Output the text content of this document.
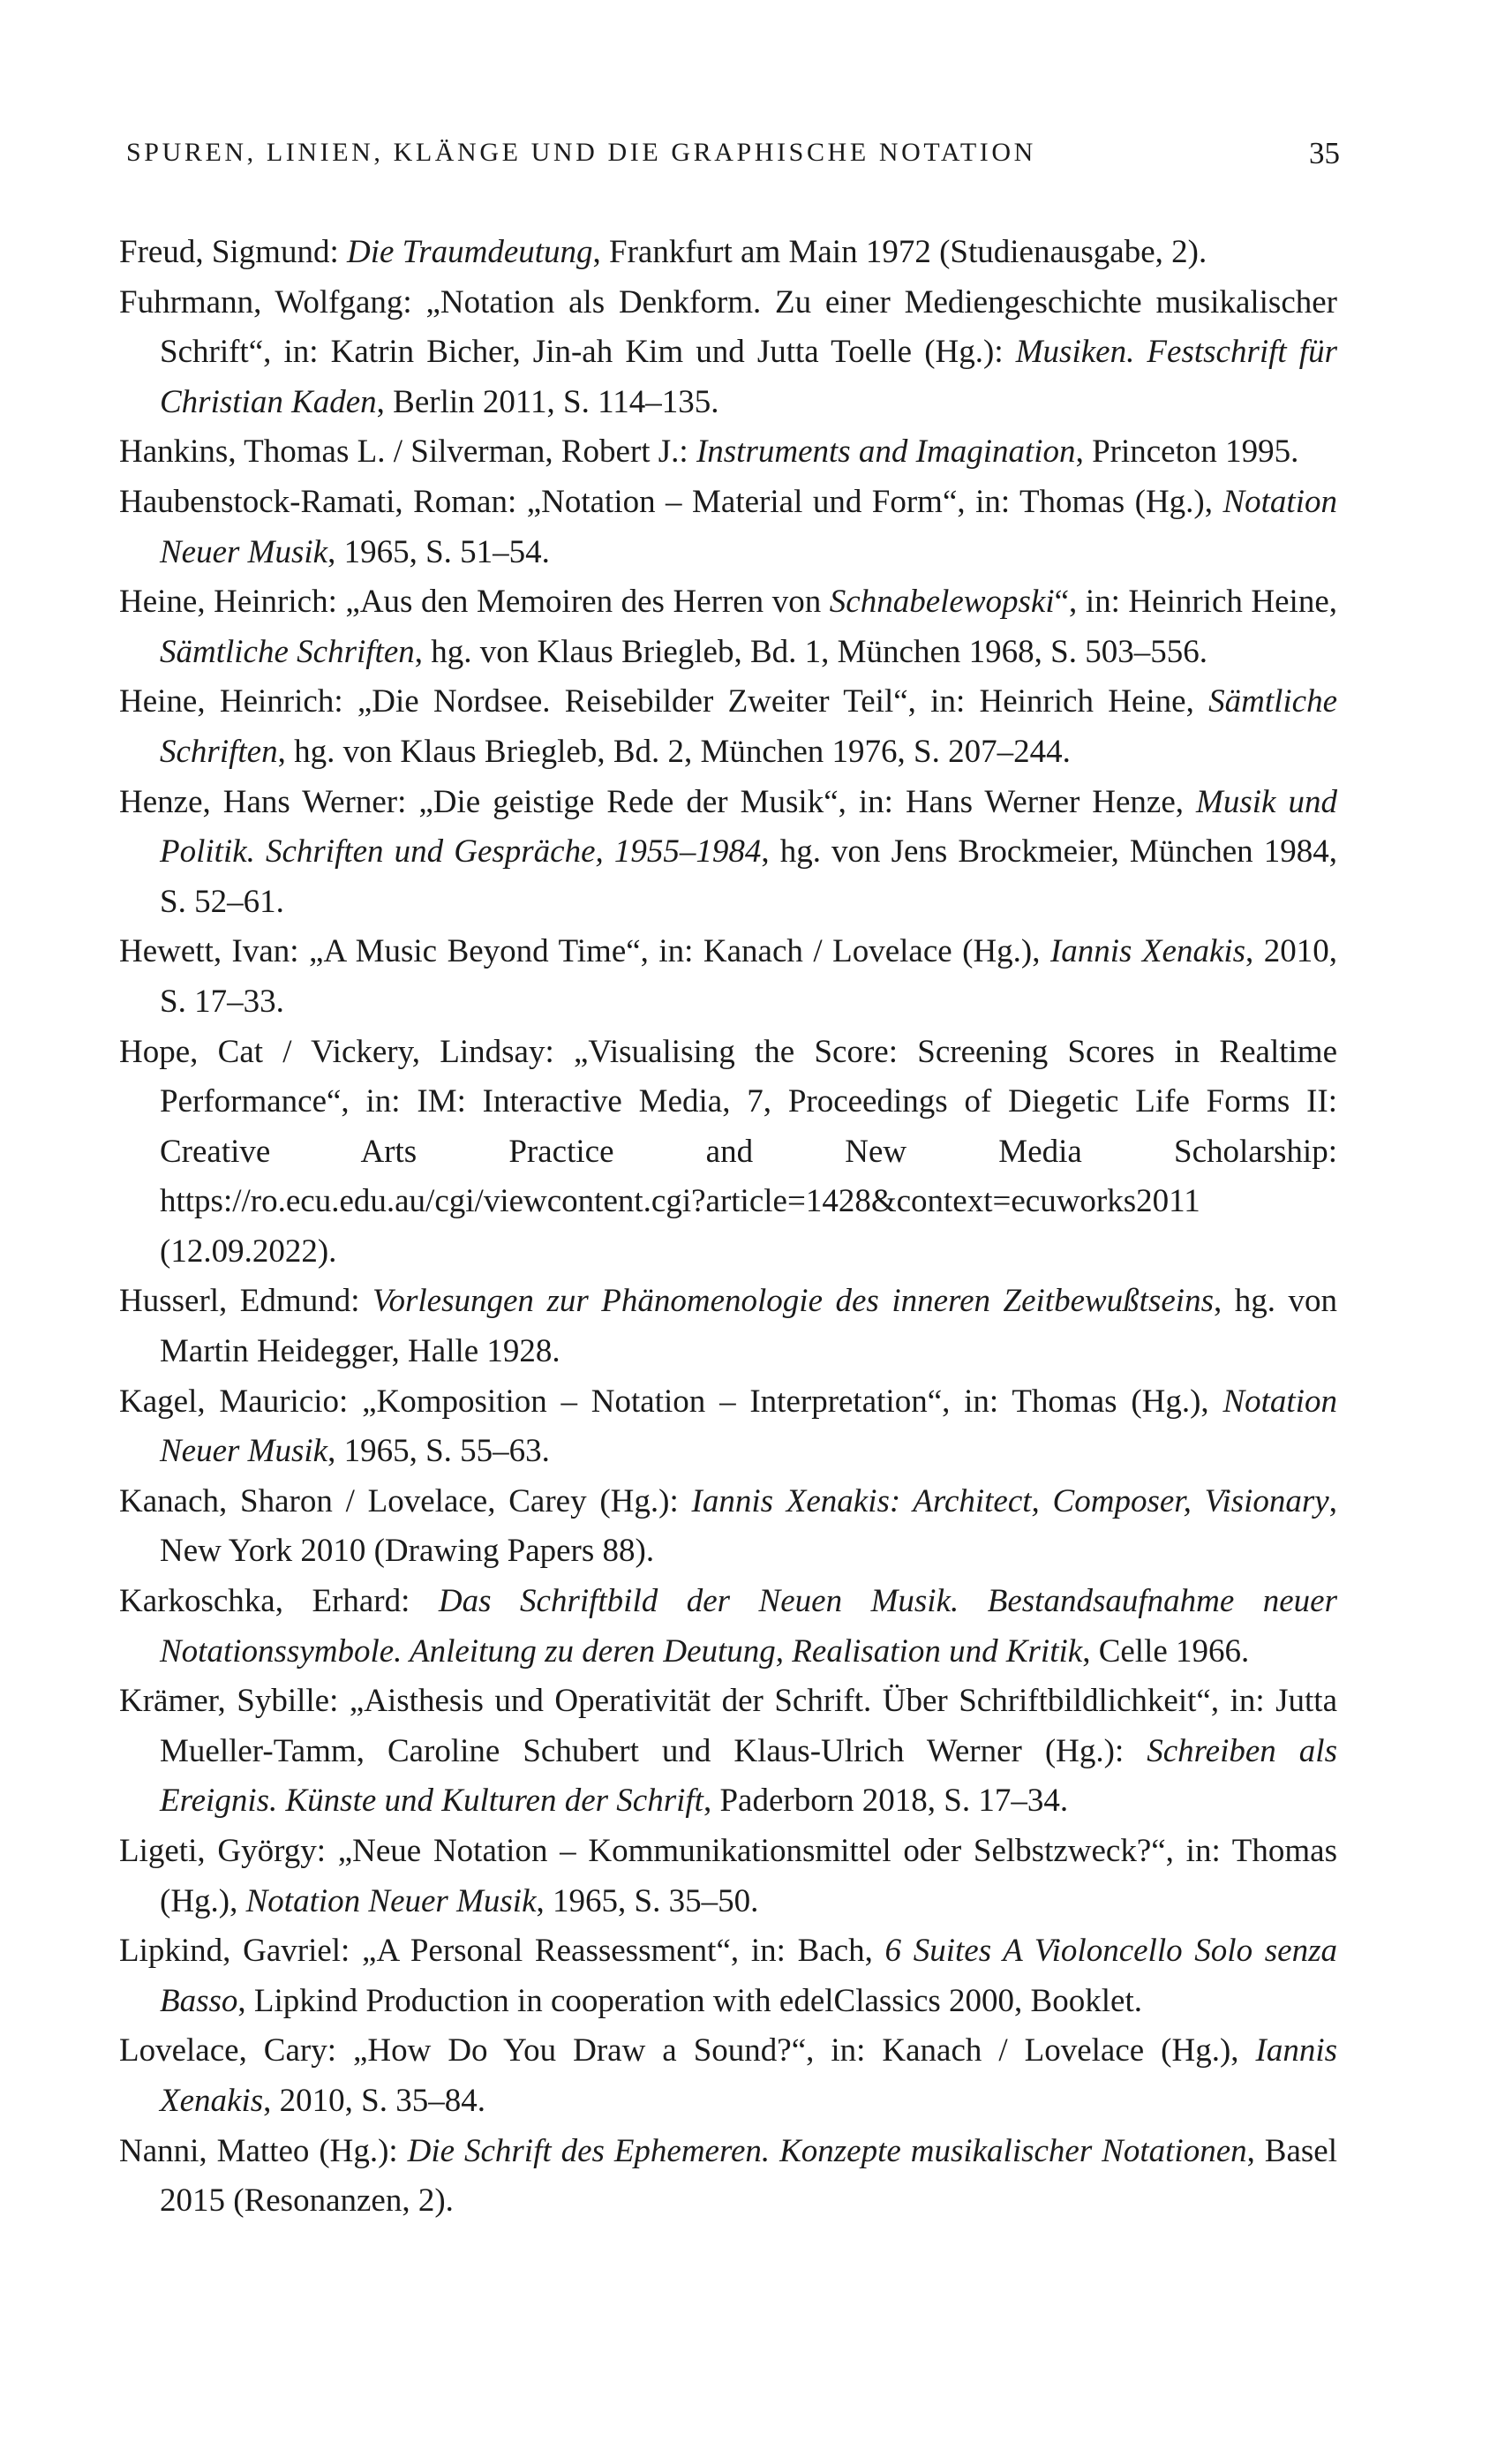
SPUREN, LINIEN, KLÄNGE UND DIE GRAPHISCHE NOTATION	35
Freud, Sigmund: Die Traumdeutung, Frankfurt am Main 1972 (Studienausgabe, 2).
Fuhrmann, Wolfgang: „Notation als Denkform. Zu einer Mediengeschichte musikalischer Schrift“, in: Katrin Bicher, Jin-ah Kim und Jutta Toelle (Hg.): Musiken. Festschrift für Christian Kaden, Berlin 2011, S. 114–135.
Hankins, Thomas L. / Silverman, Robert J.: Instruments and Imagination, Princeton 1995.
Haubenstock-Ramati, Roman: „Notation – Material und Form“, in: Thomas (Hg.), Notation Neuer Musik, 1965, S. 51–54.
Heine, Heinrich: „Aus den Memoiren des Herren von Schnabelewopski“, in: Heinrich Heine, Sämtliche Schriften, hg. von Klaus Briegleb, Bd. 1, München 1968, S. 503–556.
Heine, Heinrich: „Die Nordsee. Reisebilder Zweiter Teil“, in: Heinrich Heine, Sämtliche Schriften, hg. von Klaus Briegleb, Bd. 2, München 1976, S. 207–244.
Henze, Hans Werner: „Die geistige Rede der Musik“, in: Hans Werner Henze, Musik und Politik. Schriften und Gespräche, 1955–1984, hg. von Jens Brockmeier, München 1984, S. 52–61.
Hewett, Ivan: „A Music Beyond Time“, in: Kanach / Lovelace (Hg.), Iannis Xenakis, 2010, S. 17–33.
Hope, Cat / Vickery, Lindsay: „Visualising the Score: Screening Scores in Realtime Performance“, in: IM: Interactive Media, 7, Proceedings of Diegetic Life Forms II: Creative Arts Practice and New Media Scholarship: https://ro.ecu.edu.au/cgi/viewcontent.cgi?article=1428&context=ecuworks2011 (12.09.2022).
Husserl, Edmund: Vorlesungen zur Phänomenologie des inneren Zeitbewußtseins, hg. von Martin Heidegger, Halle 1928.
Kagel, Mauricio: „Komposition – Notation – Interpretation“, in: Thomas (Hg.), Notation Neuer Musik, 1965, S. 55–63.
Kanach, Sharon / Lovelace, Carey (Hg.): Iannis Xenakis: Architect, Composer, Visionary, New York 2010 (Drawing Papers 88).
Karkoschka, Erhard: Das Schriftbild der Neuen Musik. Bestandsaufnahme neuer Notationssymbole. Anleitung zu deren Deutung, Realisation und Kritik, Celle 1966.
Krämer, Sybille: „Aisthesis und Operativität der Schrift. Über Schriftbildlichkeit“, in: Jutta Mueller-Tamm, Caroline Schubert und Klaus-Ulrich Werner (Hg.): Schreiben als Ereignis. Künste und Kulturen der Schrift, Paderborn 2018, S. 17–34.
Ligeti, György: „Neue Notation – Kommunikationsmittel oder Selbstzweck?“, in: Thomas (Hg.), Notation Neuer Musik, 1965, S. 35–50.
Lipkind, Gavriel: „A Personal Reassessment“, in: Bach, 6 Suites A Violoncello Solo senza Basso, Lipkind Production in cooperation with edelClassics 2000, Booklet.
Lovelace, Cary: „How Do You Draw a Sound?“, in: Kanach / Lovelace (Hg.), Iannis Xenakis, 2010, S. 35–84.
Nanni, Matteo (Hg.): Die Schrift des Ephemeren. Konzepte musikalischer Notationen, Basel 2015 (Resonanzen, 2).
